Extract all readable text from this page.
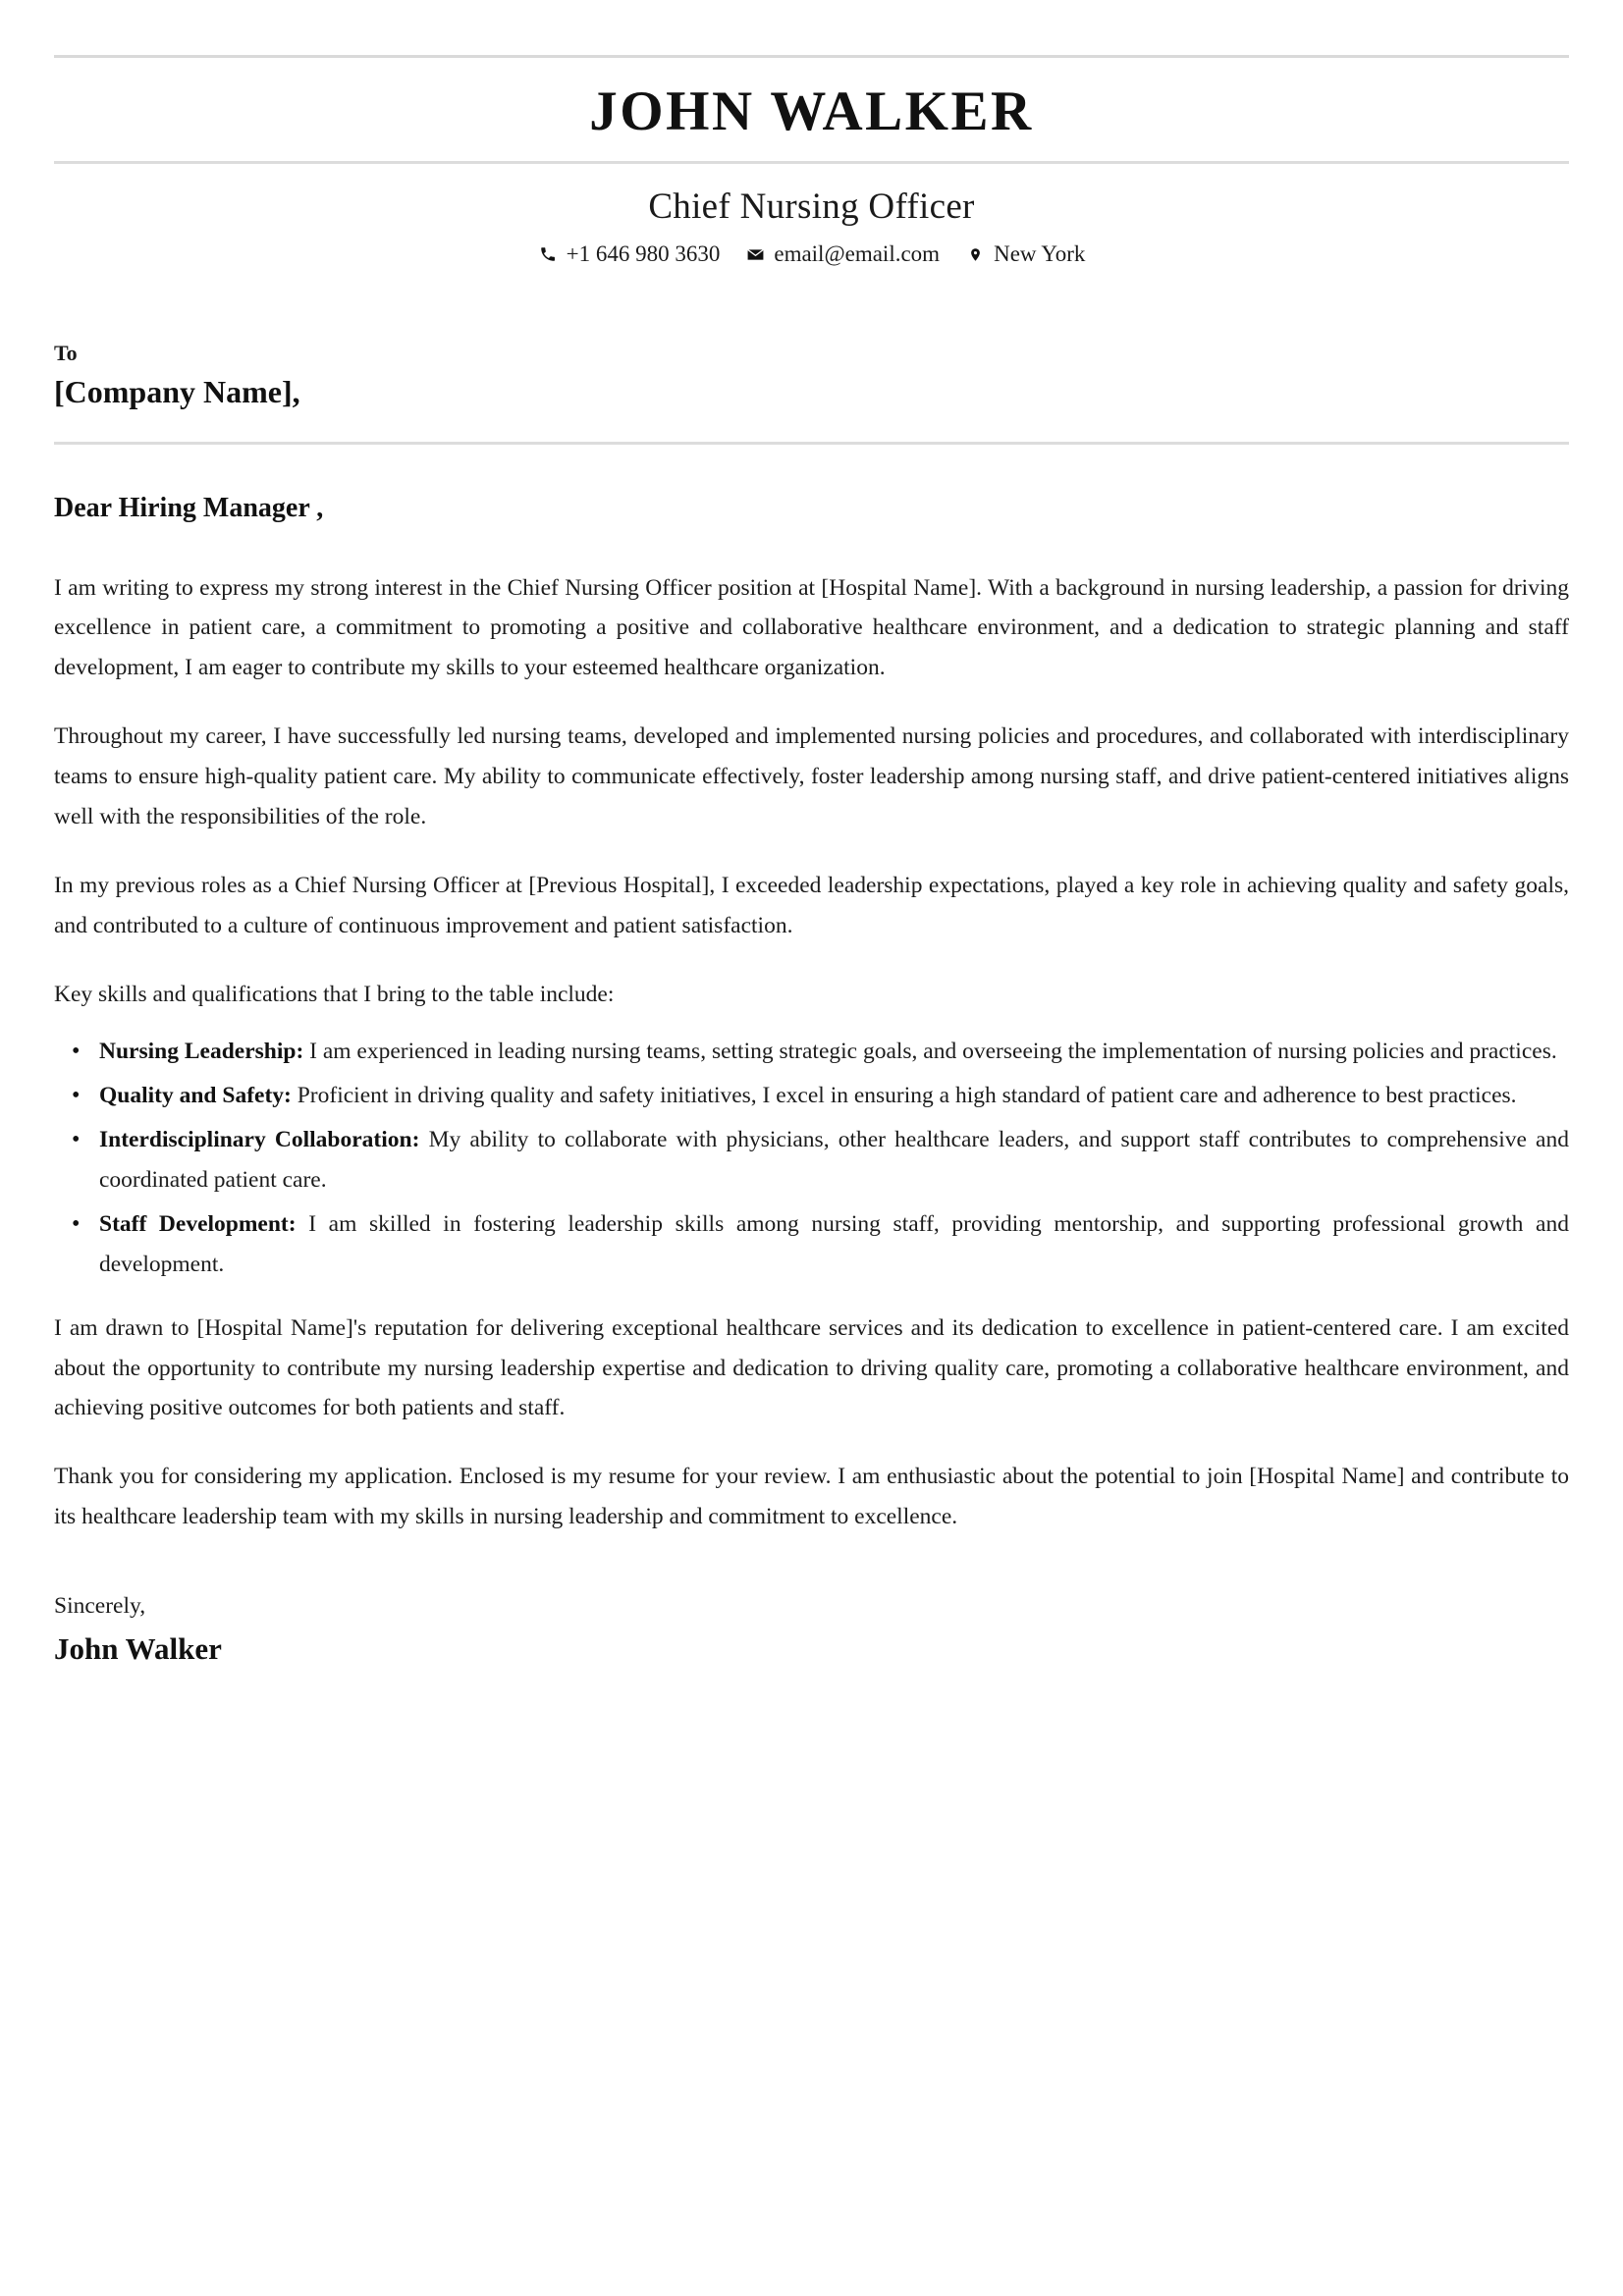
JOHN WALKER
Chief Nursing Officer
+1 646 980 3630 email@email.com New York
To
[Company Name],
Dear Hiring Manager ,

I am writing to express my strong interest in the Chief Nursing Officer position at [Hospital Name]. With a background in nursing leadership, a passion for driving excellence in patient care, a commitment to promoting a positive and collaborative healthcare environment, and a dedication to strategic planning and staff development, I am eager to contribute my skills to your esteemed healthcare organization.

Throughout my career, I have successfully led nursing teams, developed and implemented nursing policies and procedures, and collaborated with interdisciplinary teams to ensure high-quality patient care. My ability to communicate effectively, foster leadership among nursing staff, and drive patient-centered initiatives aligns well with the responsibilities of the role.

In my previous roles as a Chief Nursing Officer at [Previous Hospital], I exceeded leadership expectations, played a key role in achieving quality and safety goals, and contributed to a culture of continuous improvement and patient satisfaction.

Key skills and qualifications that I bring to the table include:

• Nursing Leadership: I am experienced in leading nursing teams, setting strategic goals, and overseeing the implementation of nursing policies and practices.
• Quality and Safety: Proficient in driving quality and safety initiatives, I excel in ensuring a high standard of patient care and adherence to best practices.
• Interdisciplinary Collaboration: My ability to collaborate with physicians, other healthcare leaders, and support staff contributes to comprehensive and coordinated patient care.
• Staff Development: I am skilled in fostering leadership skills among nursing staff, providing mentorship, and supporting professional growth and development.

I am drawn to [Hospital Name]'s reputation for delivering exceptional healthcare services and its dedication to excellence in patient-centered care. I am excited about the opportunity to contribute my nursing leadership expertise and dedication to driving quality care, promoting a collaborative healthcare environment, and achieving positive outcomes for both patients and staff.

Thank you for considering my application. Enclosed is my resume for your review. I am enthusiastic about the potential to join [Hospital Name] and contribute to its healthcare leadership team with my skills in nursing leadership and commitment to excellence.

Sincerely,
John Walker
